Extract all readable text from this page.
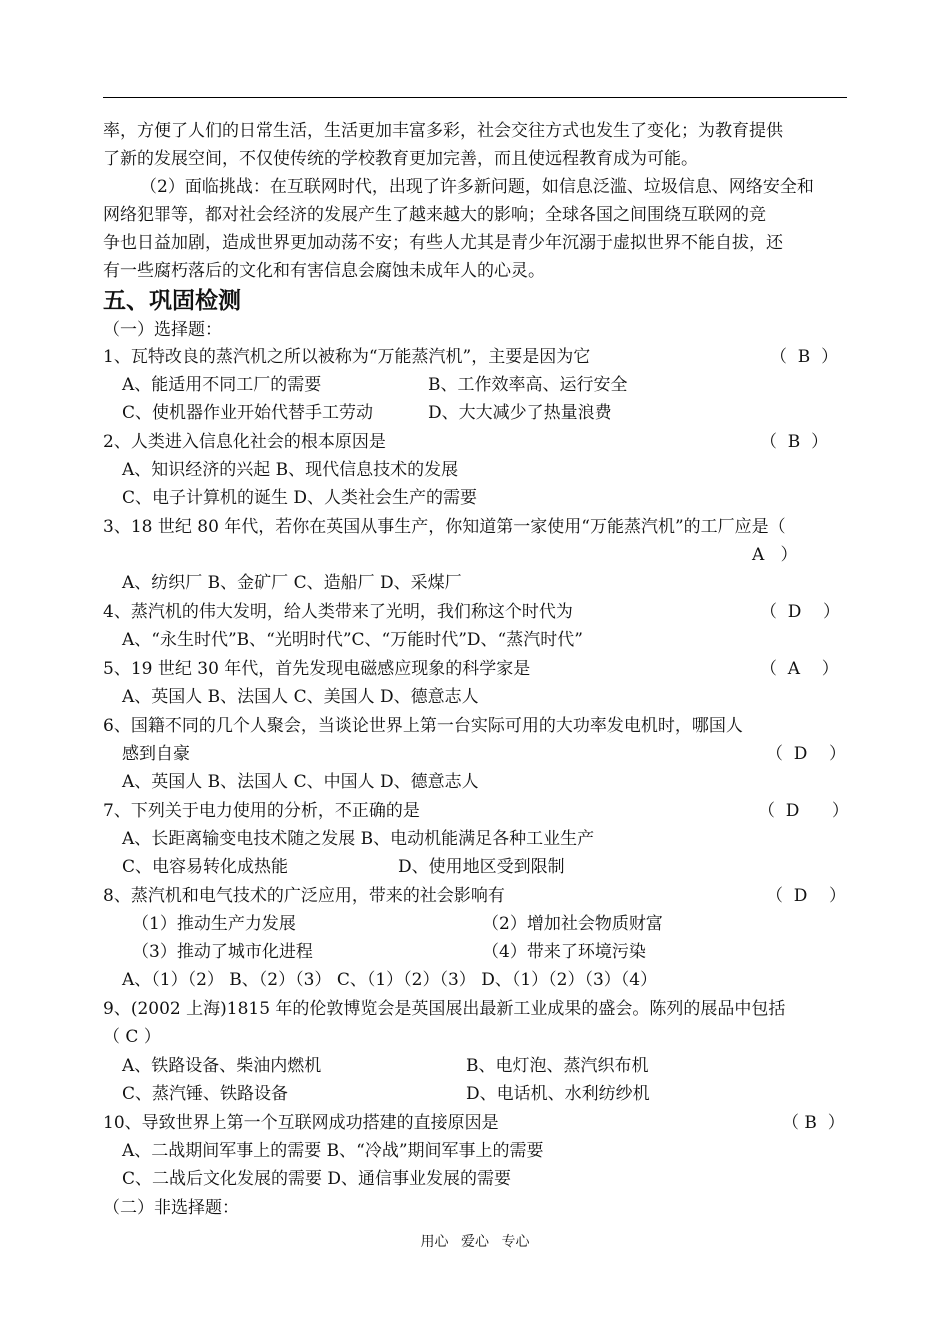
率，方便了人们的日常生活，生活更加丰富多彩，社会交往方式也发生了变化；为教育提供
了新的发展空间，不仅使传统的学校教育更加完善，而且使远程教育成为可能。
（2）面临挑战：在互联网时代，出现了许多新问题，如信息泛滥、垃圾信息、网络安全和
网络犯罪等，都对社会经济的发展产生了越来越大的影响；全球各国之间围绕互联网的竞
争也日益加剧，造成世界更加动荡不安；有些人尤其是青少年沉溺于虚拟世界不能自拔，还
有一些腐朽落后的文化和有害信息会腐蚀未成年人的心灵。
五、巩固检测
（一）选择题：
1、瓦特改良的蒸汽机之所以被称为“万能蒸汽机”，主要是因为它	（  B  ）
A、能适用不同工厂的需要	B、工作效率高、运行安全
C、使机器作业开始代替手工劳动	D、大大减少了热量浪费
2、人类进入信息化社会的根本原因是	（  B  ）
A、知识经济的兴起 B、现代信息技术的发展
C、电子计算机的诞生 D、人类社会生产的需要
3、18 世纪 80 年代，若你在英国从事生产，你知道第一家使用“万能蒸汽机”的工厂应是（
A   ）
A、纺织厂 B、金矿厂 C、造船厂 D、采煤厂
4、蒸汽机的伟大发明，给人类带来了光明，我们称这个时代为	（  D    ）
A、“永生时代”B、“光明时代”C、“万能时代”D、“蒸汽时代”
5、19 世纪 30 年代，首先发现电磁感应现象的科学家是	（  A    ）
A、英国人 B、法国人 C、美国人 D、德意志人
6、国籍不同的几个人聚会，当谈论世界上第一台实际可用的大功率发电机时，哪国人
感到自豪	（  D    ）
A、英国人 B、法国人 C、中国人 D、德意志人
7、下列关于电力使用的分析，不正确的是	（  D      ）
A、长距离输变电技术随之发展 B、电动机能满足各种工业生产
C、电容易转化成热能	D、使用地区受到限制
8、蒸汽机和电气技术的广泛应用，带来的社会影响有	（  D    ）
（1）推动生产力发展	（2）增加社会物质财富
（3）推动了城市化进程	（4）带来了环境污染
A、（1）（2） B、（2）（3） C、（1）（2）（3） D、（1）（2）（3）（4）
9、(2002 上海)1815 年的伦敦博览会是英国展出最新工业成果的盛会。陈列的展品中包括
（ C ）
A、铁路设备、柴油内燃机	B、电灯泡、蒸汽织布机
C、蒸汽锤、铁路设备	D、电话机、水利纺纱机
10、导致世界上第一个互联网成功搭建的直接原因是	（ B  ）
A、二战期间军事上的需要 B、“冷战”期间军事上的需要
C、二战后文化发展的需要 D、通信事业发展的需要
（二）非选择题：
用心 爱心 专心
